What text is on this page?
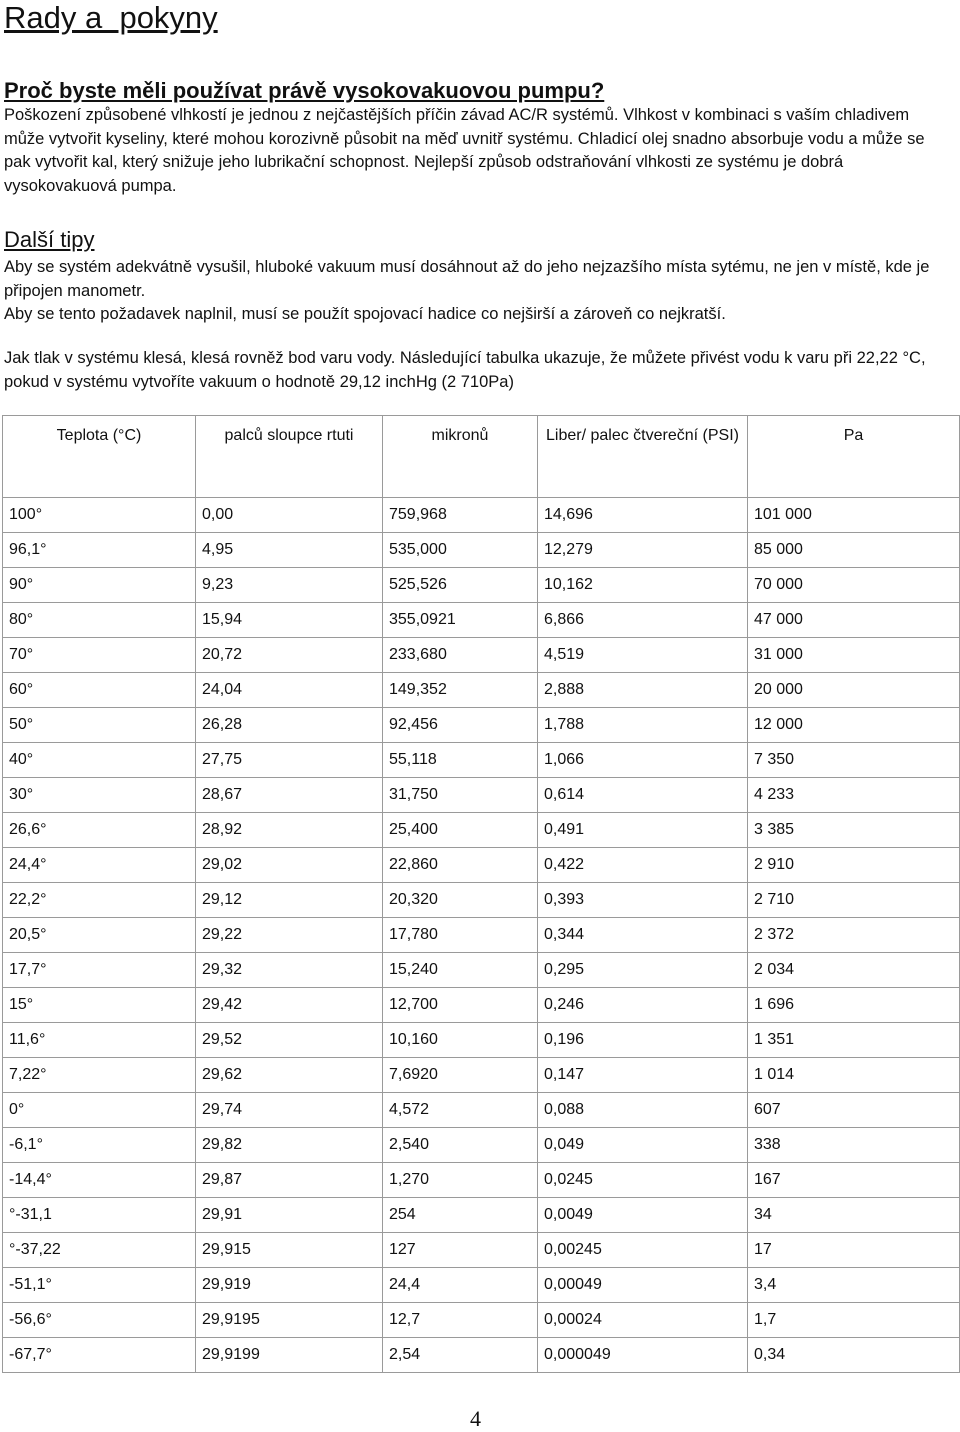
Rady a  pokyny
Proč byste měli používat právě vysokovakuovou pumpu?

Poškození způsobené vlhkostí je jednou z nejčastějších příčin závad AC/R systémů. Vlhkost v kombinaci s vaším chladivem může vytvořit kyseliny, které mohou korozivně působit na měď uvnitř systému. Chladicí olej snadno absorbuje vodu a může se pak vytvořit kal, který snižuje jeho lubrikační schopnost. Nejlepší způsob odstraňování vlhkosti ze systému je dobrá vysokovakuová pumpa.

Další tipy

Aby se systém adekvátně vysušil, hluboké vakuum musí dosáhnout až do jeho nejzazšího místa sytému, ne jen v místě, kde je připojen manometr.

Aby se tento požadavek naplnil, musí se použít spojovací hadice co nejširší a zároveň co nejkratší.

Jak tlak v systému klesá, klesá rovněž bod varu vody. Následující tabulka ukazuje, že můžete přivést vodu k varu při 22,22 °C, pokud v systému vytvoříte vakuum o hodnotě 29,12 inchHg (2 710Pa)

Teplota (°C)	palců sloupce rtuti	mikronů	Liber/ palec čtvereční (PSI)	Pa
100°	0,00	759,968	14,696	101 000
96,1°	4,95	535,000	12,279	85 000
90°	9,23	525,526	10,162	70 000
80°	15,94	355,0921	6,866	47 000
70°	20,72	233,680	4,519	31 000
60°	24,04	149,352	2,888	20 000
50°	26,28	92,456	1,788	12 000
40°	27,75	55,118	1,066	7 350
30°	28,67	31,750	0,614	4 233
26,6°	28,92	25,400	0,491	3 385
24,4°	29,02	22,860	0,422	2 910
22,2°	29,12	20,320	0,393	2 710
20,5°	29,22	17,780	0,344	2 372
17,7°	29,32	15,240	0,295	2 034
15°	29,42	12,700	0,246	1 696
11,6°	29,52	10,160	0,196	1 351
7,22°	29,62	7,6920	0,147	1 014
0°	29,74	4,572	0,088	607
-6,1°	29,82	2,540	0,049	338
-14,4°	29,87	1,270	0,0245	167
°-31,1	29,91	254	0,0049	34
°-37,22	29,915	127	0,00245	17
-51,1°	29,919	24,4	0,00049	3,4
-56,6°	29,9195	12,7	0,00024	1,7
-67,7°	29,9199	2,54	0,000049	0,34
4
